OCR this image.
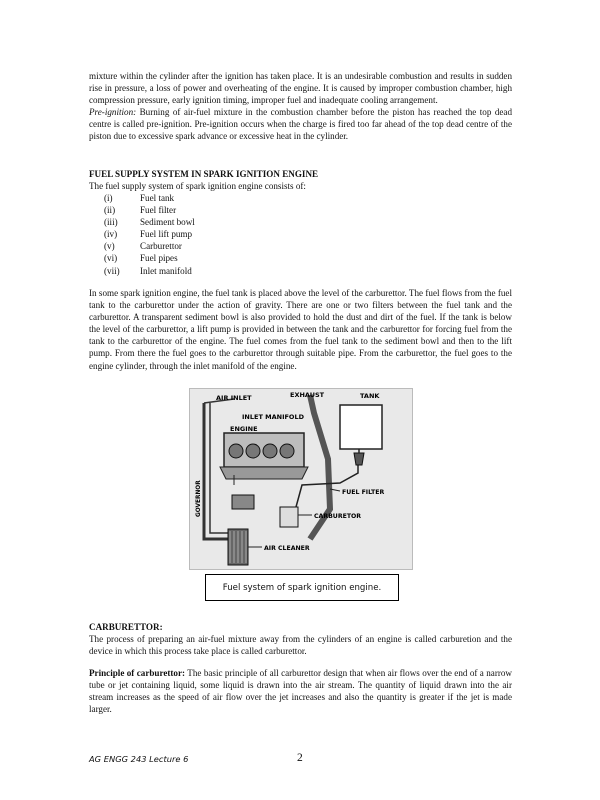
mixture within the cylinder after the ignition has taken place. It is an undesirable combustion and results in sudden rise in pressure, a loss of power and overheating of the engine. It is caused by improper combustion chamber, high compression pressure, early ignition timing, improper fuel and inadequate cooling arrangement.

Pre-ignition: Burning of air-fuel mixture in the combustion chamber before the piston has reached the top dead centre is called pre-ignition. Pre-ignition occurs when the charge is fired too far ahead of the top dead centre of the piston due to excessive spark advance or excessive heat in the cylinder.

FUEL SUPPLY SYSTEM IN SPARK IGNITION ENGINE

The fuel supply system of spark ignition engine consists of:

(i)	Fuel tank
(ii)	Fuel filter
(iii)	Sediment bowl
(iv)	Fuel lift pump
(v)	Carburettor
(vi)	Fuel pipes
(vii)	Inlet manifold

In some spark ignition engine, the fuel tank is placed above the level of the carburettor. The fuel flows from the fuel tank to the carburettor under the action of gravity. There are one or two filters between the fuel tank and the carburettor. A transparent sediment bowl is also provided to hold the dust and dirt of the fuel. If the tank is below the level of the carburettor, a lift pump is provided in between the tank and the carburettor for forcing fuel from the tank to the carburettor of the engine. The fuel comes from the fuel tank to the sediment bowl and then to the lift pump. From there the fuel goes to the carburettor through suitable pipe. From the carburettor, the fuel goes to the engine cylinder, through the inlet manifold of the engine.

AIR INLET	EXHAUST	TANK
INLET MANIFOLD
ENGINE
GOVERNOR	FUEL FILTER
CARBURETOR
AIR CLEANER
Fuel system of spark ignition engine.

CARBURETTOR:

The process of preparing an air-fuel mixture away from the cylinders of an engine is called carburetion and the device in which this process take place is called carburettor.

Principle of carburettor: The basic principle of all carburettor design that when air flows over the end of a narrow tube or jet containing liquid, some liquid is drawn into the air stream. The quantity of liquid drawn into the air stream increases as the speed of air flow over the jet increases and also the quantity is greater if the jet is made larger.

AG ENGG 243 Lecture 6	2
